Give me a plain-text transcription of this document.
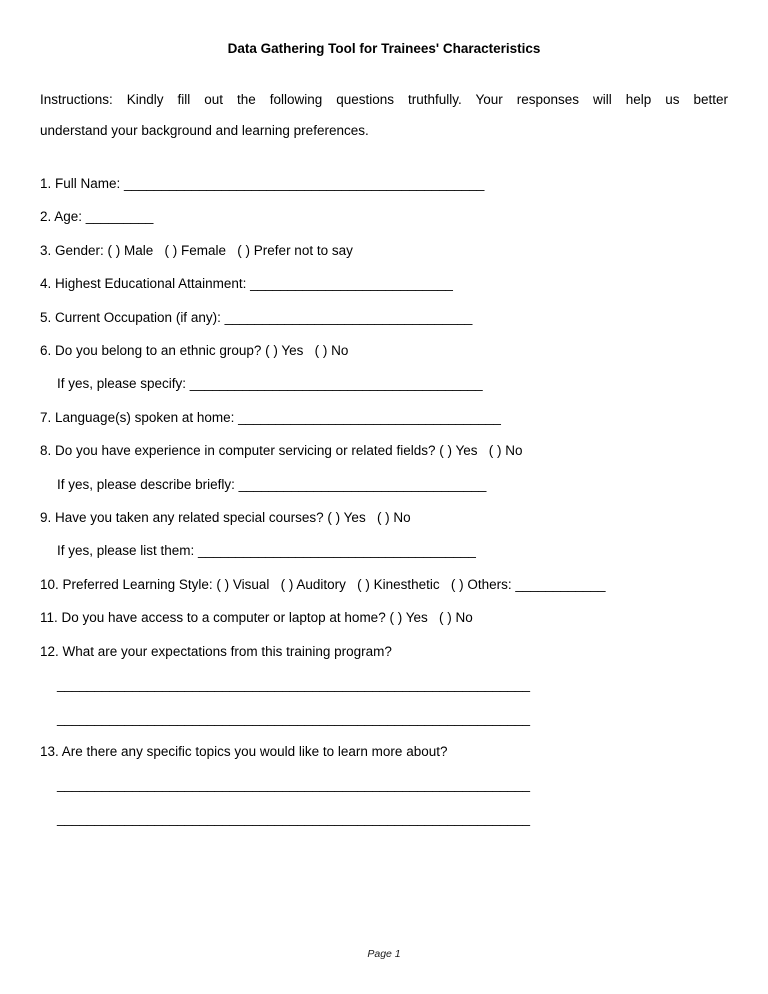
Data Gathering Tool for Trainees' Characteristics
Instructions: Kindly fill out the following questions truthfully. Your responses will help us better
understand your background and learning preferences.
1. Full Name: ________________________________________________
2. Age: _________
3. Gender: ( ) Male   ( ) Female   ( ) Prefer not to say
4. Highest Educational Attainment: ___________________________
5. Current Occupation (if any): _________________________________
6. Do you belong to an ethnic group? ( ) Yes   ( ) No
If yes, please specify: _______________________________________
7. Language(s) spoken at home: ___________________________________
8. Do you have experience in computer servicing or related fields? ( ) Yes   ( ) No
If yes, please describe briefly: _________________________________
9. Have you taken any related special courses? ( ) Yes   ( ) No
If yes, please list them: _____________________________________
10. Preferred Learning Style: ( ) Visual   ( ) Auditory   ( ) Kinesthetic   ( ) Others: ____________
11. Do you have access to a computer or laptop at home? ( ) Yes   ( ) No
12. What are your expectations from this training program?
_______________________________________________________________
_______________________________________________________________
13. Are there any specific topics you would like to learn more about?
_______________________________________________________________
_______________________________________________________________
Page 1
